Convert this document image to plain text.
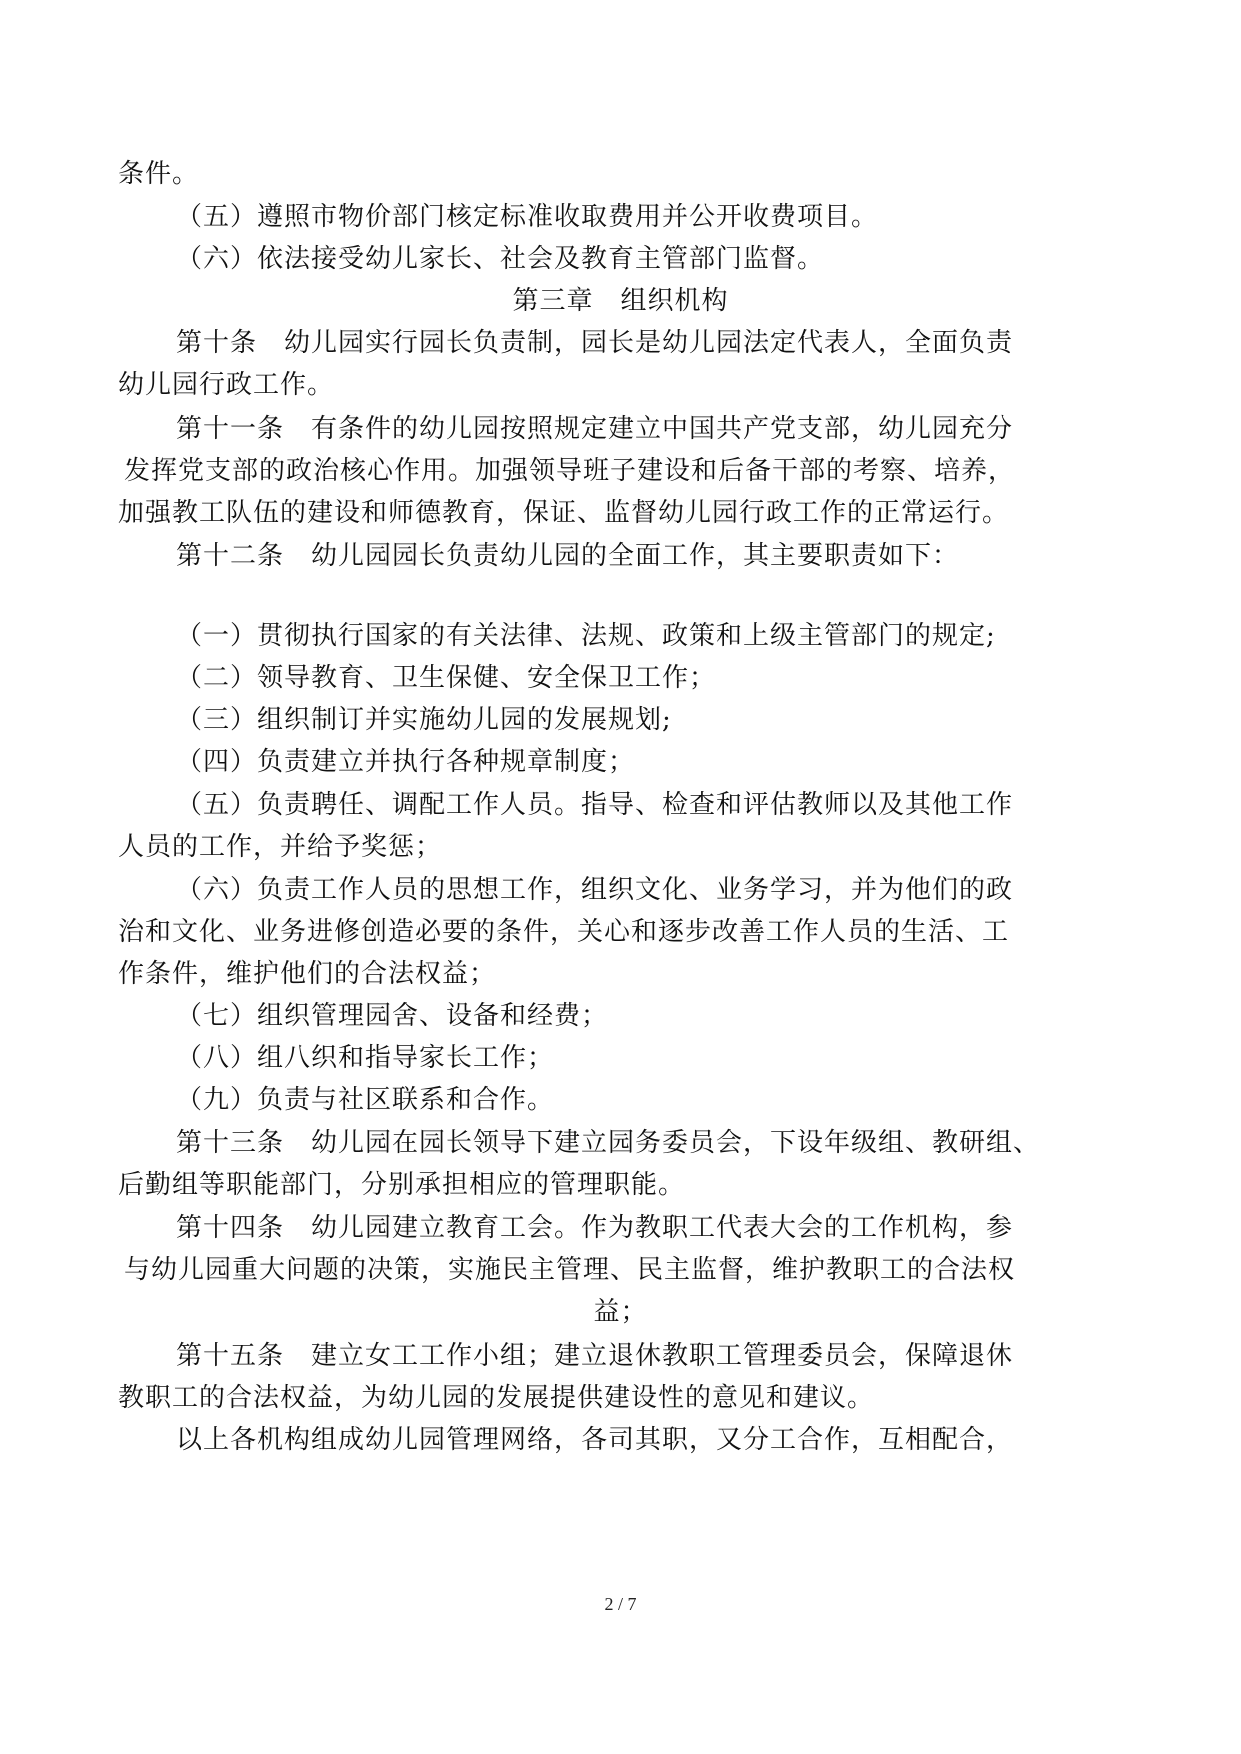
条件。
（五）遵照市物价部门核定标准收取费用并公开收费项目。
（六）依法接受幼儿家长、社会及教育主管部门监督。
第三章　组织机构
第十条　幼儿园实行园长负责制，园长是幼儿园法定代表人，全面负责
幼儿园行政工作。
第十一条　有条件的幼儿园按照规定建立中国共产党支部，幼儿园充分
发挥党支部的政治核心作用。加强领导班子建设和后备干部的考察、培养，
加强教工队伍的建设和师德教育，保证、监督幼儿园行政工作的正常运行。
第十二条　幼儿园园长负责幼儿园的全面工作，其主要职责如下：
（一）贯彻执行国家的有关法律、法规、政策和上级主管部门的规定;
（二）领导教育、卫生保健、安全保卫工作；
（三）组织制订并实施幼儿园的发展规划;
（四）负责建立并执行各种规章制度；
（五）负责聘任、调配工作人员。指导、检查和评估教师以及其他工作
人员的工作，并给予奖惩；
（六）负责工作人员的思想工作，组织文化、业务学习，并为他们的政
治和文化、业务进修创造必要的条件，关心和逐步改善工作人员的生活、工
作条件，维护他们的合法权益；
（七）组织管理园舍、设备和经费；
（八）组八织和指导家长工作；
（九）负责与社区联系和合作。
第十三条　幼儿园在园长领导下建立园务委员会，下设年级组、教研组、
后勤组等职能部门，分别承担相应的管理职能。
第十四条　幼儿园建立教育工会。作为教职工代表大会的工作机构，参
与幼儿园重大问题的决策，实施民主管理、民主监督，维护教职工的合法权
益；
第十五条　建立女工工作小组；建立退休教职工管理委员会，保障退休
教职工的合法权益，为幼儿园的发展提供建设性的意见和建议。
以上各机构组成幼儿园管理网络，各司其职，又分工合作，互相配合，
2 / 7
